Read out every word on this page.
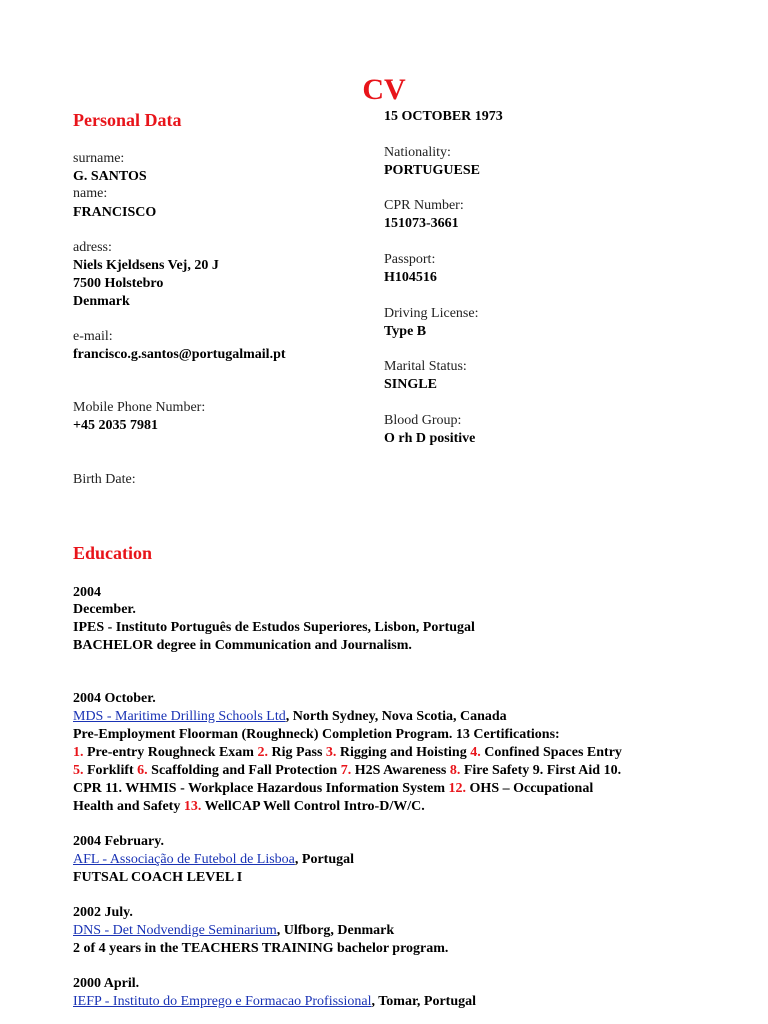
CV
Personal Data
surname:
G. SANTOS
name:
FRANCISCO
adress:
Niels Kjeldsens Vej, 20 J
7500 Holstebro
Denmark
e-mail:
francisco.g.santos@portugalmail.pt
Mobile Phone Number:
+45 2035 7981
Birth Date:
15 OCTOBER 1973
Nationality:
PORTUGUESE
CPR Number:
151073-3661
Passport:
H104516
Driving License:
Type B
Marital Status:
SINGLE
Blood Group:
O rh D positive
Education
2004
December.
IPES - Instituto Português de Estudos Superiores, Lisbon, Portugal
BACHELOR degree in Communication and Journalism.
2004 October.
MDS - Maritime Drilling Schools Ltd, North Sydney, Nova Scotia, Canada
Pre-Employment Floorman (Roughneck) Completion Program. 13 Certifications:
1. Pre-entry Roughneck Exam 2. Rig Pass 3. Rigging and Hoisting 4. Confined Spaces Entry
5. Forklift 6. Scaffolding and Fall Protection 7. H2S Awareness 8. Fire Safety 9. First Aid 10.
CPR 11. WHMIS - Workplace Hazardous Information System 12. OHS – Occupational
Health and Safety 13. WellCAP Well Control Intro-D/W/C.
2004 February.
AFL - Associação de Futebol de Lisboa, Portugal
FUTSAL COACH LEVEL I
2002 July.
DNS - Det Nodvendige Seminarium, Ulfborg, Denmark
2 of 4 years in the TEACHERS TRAINING bachelor program.
2000 April.
IEFP - Instituto do Emprego e Formacao Profissional, Tomar, Portugal
